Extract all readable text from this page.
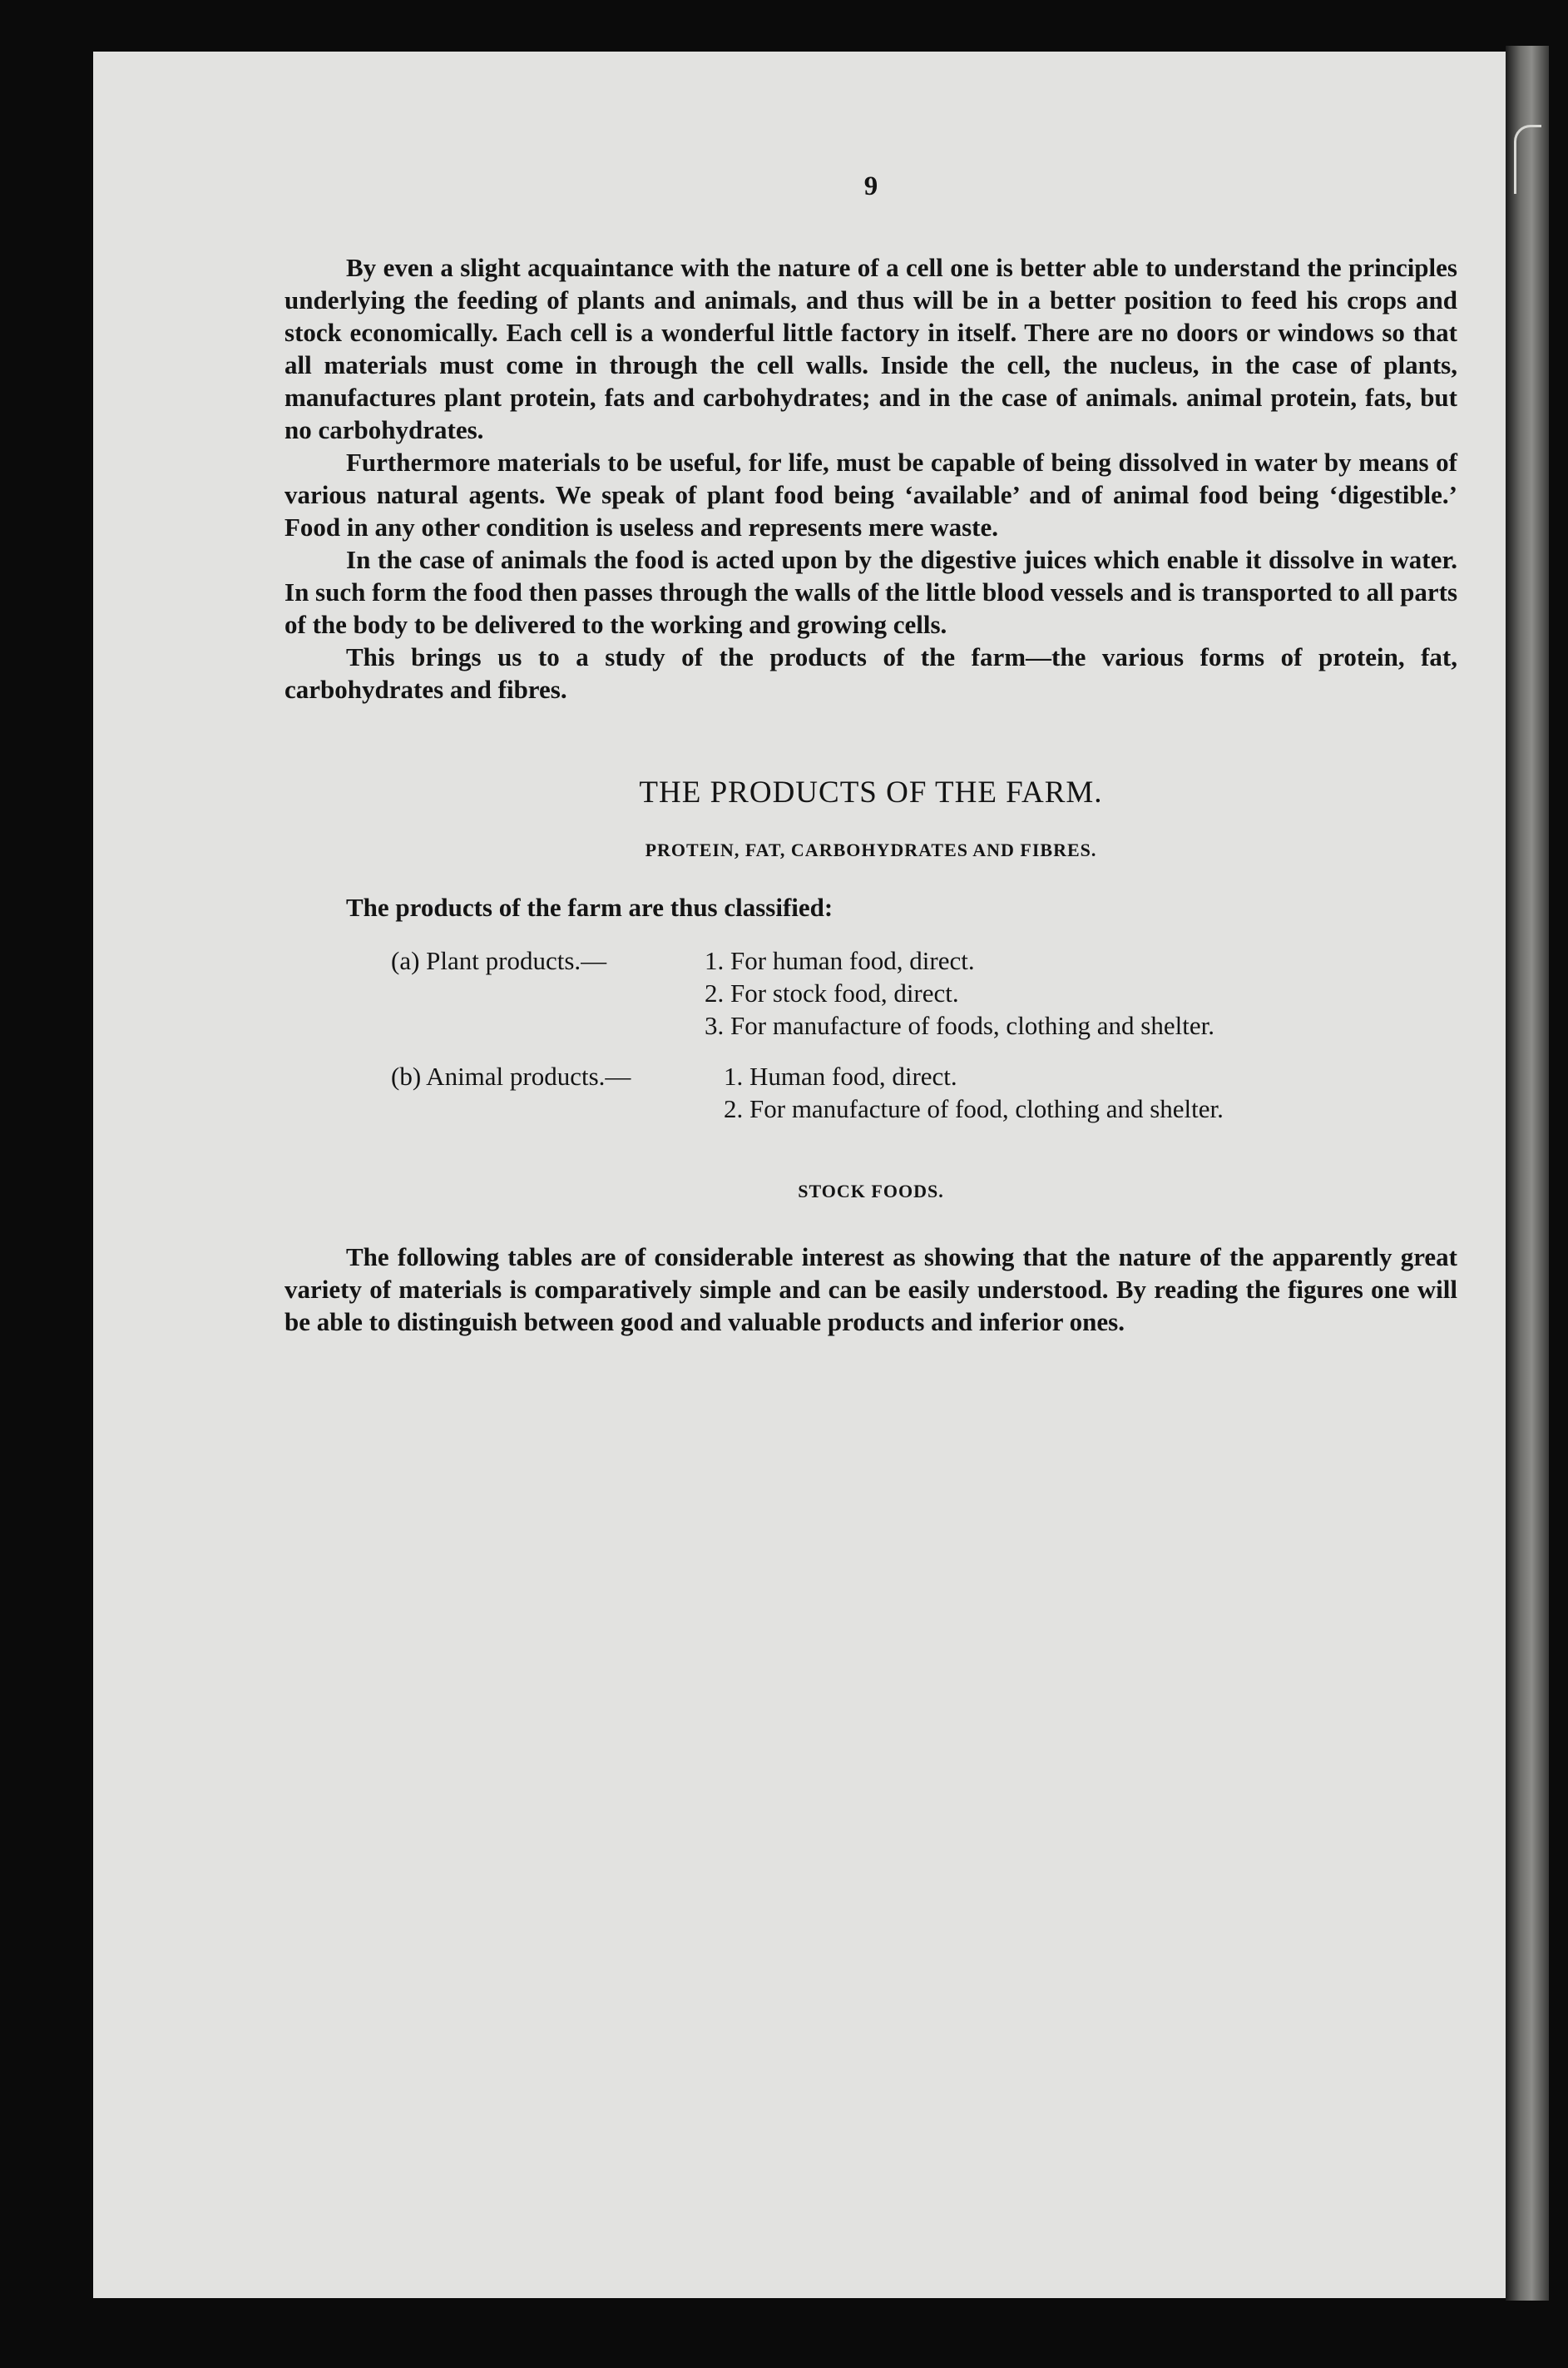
9

By even a slight acquaintance with the nature of a cell one is better able to understand the principles underlying the feeding of plants and animals, and thus will be in a better position to feed his crops and stock economically. Each cell is a wonderful little factory in itself. There are no doors or windows so that all materials must come in through the cell walls. Inside the cell, the nucleus, in the case of plants, manufactures plant protein, fats and carbohydrates; and in the case of animals. animal protein, fats, but no carbohydrates.

Furthermore materials to be useful, for life, must be capable of being dissolved in water by means of various natural agents. We speak of plant food being ‘available’ and of animal food being ‘digestible.’ Food in any other condition is useless and represents mere waste.

In the case of animals the food is acted upon by the digestive juices which enable it dissolve in water. In such form the food then passes through the walls of the little blood vessels and is transported to all parts of the body to be delivered to the working and growing cells.

This brings us to a study of the products of the farm—the various forms of protein, fat, carbohydrates and fibres.

THE PRODUCTS OF THE FARM.
PROTEIN, FAT, CARBOHYDRATES AND FIBRES.
The products of the farm are thus classified:
(a) Plant products.—	1. For human food, direct.
2. For stock food, direct.
3. For manufacture of foods, clothing and shelter.
(b) Animal products.—	1. Human food, direct.
2. For manufacture of food, clothing and shelter.
STOCK FOODS.

The following tables are of considerable interest as showing that the nature of the apparently great variety of materials is comparatively simple and can be easily understood. By reading the figures one will be able to distinguish between good and valuable products and inferior ones.
